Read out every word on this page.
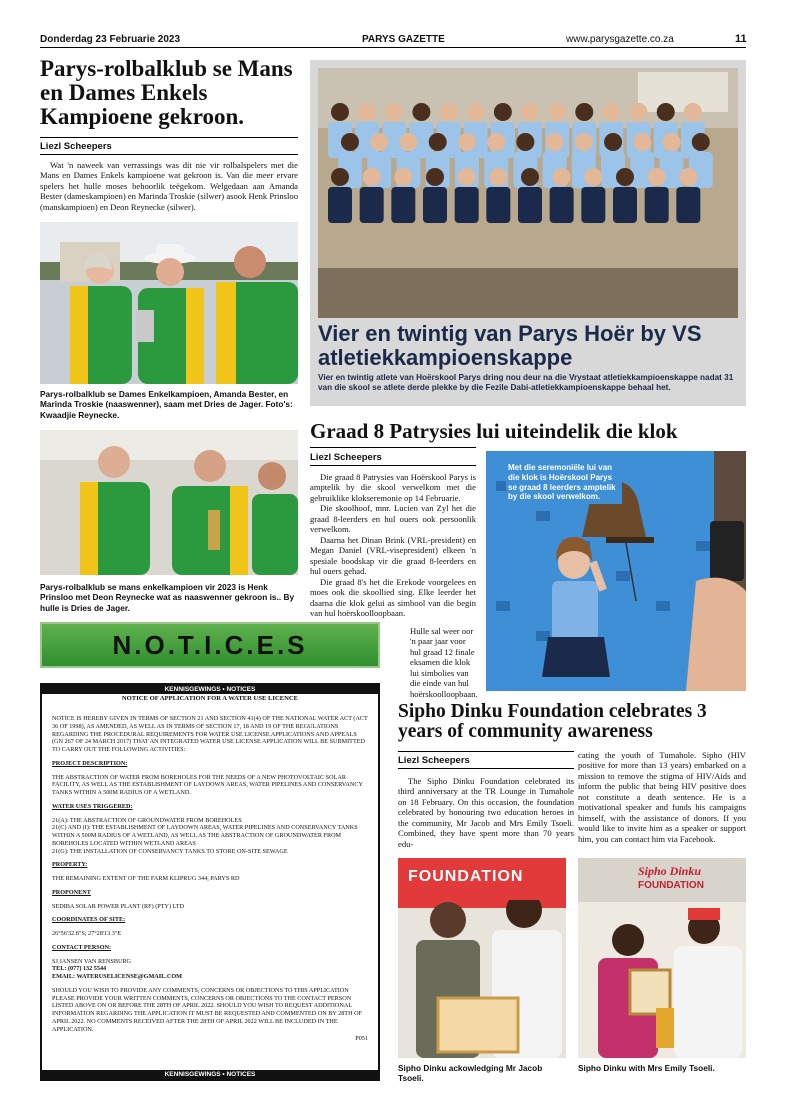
Donderdag 23 Februarie 2023	PARYS GAZETTE	www.parysgazette.co.za	11
Parys-rolbalklub se Mans en Dames Enkels Kampioene gekroon.
Liezl Scheepers
Wat 'n naweek van verrassings was dit nie vir rolbalspelers met die Mans en Dames Enkels kampioene wat gekroon is. Van die meer ervare spelers het hulle moses behoorlik teëgekom. Welgedaan aan Amanda Bester (dameskampioen) en Marinda Troskie (silwer) asook Henk Prinsloo (manskampioen) en Deon Reynecke (silwer).
Parys-rolbalklub se Dames Enkelkampioen, Amanda Bester, en Marinda Troskie (naaswenner), saam met Dries de Jager. Foto's: Kwaadjie Reynecke.
Parys-rolbalklub se mans enkelkampioen vir 2023 is Henk Prinsloo met Deon Reynecke wat as naaswenner gekroon is.. By hulle is Dries de Jager.
N.O.T.I.C.E.S
KENNISGEWINGS • NOTICES
NOTICE OF APPLICATION FOR A WATER USE LICENCE
NOTICE IS HEREBY GIVEN IN TERMS OF SECTION 21 AND SECTION 41(4) OF THE NATIONAL WATER ACT (ACT 36 OF 1998), AS AMENDED, AS WELL AS IN TERMS OF SECTION 17, 18 AND 19 OF THE REGULATIONS REGARDING THE PROCEDURAL REQUIREMENTS FOR WATER USE LICENSE APPLICATIONS AND APPEALS (GN 267 OF 24 MARCH 2017) THAT AN INTEGRATED WATER USE LICENSE APPLICATION WILL BE SUBMITTED TO CARRY OUT THE FOLLOWING ACTIVITIES:
PROJECT DESCRIPTION:
THE ABSTRACTION OF WATER FROM BOREHOLES FOR THE NEEDS OF A NEW PHOTOVOLTAIC SOLAR FACILITY, AS WELL AS THE ESTABLISHMENT OF LAYDOWN AREAS, WATER PIPELINES AND CONSERVANCY TANKS WITHIN A 500M RADIUS OF A WETLAND.
WATER USES TRIGGERED:
21(A): THE ABSTRACTION OF GROUNDWATER FROM BOREHOLES
21(C) AND (I): THE ESTABLISHMENT OF LAYDOWN AREAS, WATER PIPELINES AND CONSERVANCY TANKS WITHIN A 500M RADIUS OF A WETLAND, AS WELL AS THE ABSTRACTION OF GROUNDWATER FROM BOREHOLES LOCATED WITHIN WETLAND AREAS
21(G): THE INSTALLATION OF CONSERVANCY TANKS TO STORE ON-SITE SEWAGE
PROPERTY:
THE REMAINING EXTENT OF THE FARM KLIPRUG 344, PARYS RD
PROPONENT
SEDIBA SOLAR POWER PLANT (RF) (PTY) LTD
COORDINATES OF SITE:
26°56'32.8"S; 27°28'13.3"E
CONTACT PERSON:
SJ JANSEN VAN RENSBURG
TEL: (077) 132 5544
EMAIL: WATERUSELICENSE@GMAIL.COM
SHOULD YOU WISH TO PROVIDE ANY COMMENTS, CONCERNS OR OBJECTIONS TO THIS APPLICATION PLEASE PROVIDE YOUR WRITTEN COMMENTS, CONCERNS OR OBJECTIONS TO THE CONTACT PERSON LISTED ABOVE ON OR BEFORE THE 28TH OF APRIL 2022. SHOULD YOU WISH TO REQUEST ADDITIONAL INFORMATION REGARDING THE APPLICATION IT MUST BE REQUESTED AND COMMENTED ON BY 28TH OF APRIL 2022. NO COMMENTS RECEIVED AFTER THE 28TH OF APRIL 2022 WILL BE INCLUDED IN THE APPLICATION.
P051
KENNISGEWINGS • NOTICES
Vier en twintig van Parys Hoër by VS atletiekkampioenskappe
Vier en twintig atlete van Hoërskool Parys dring nou deur na die Vrystaat atletiekkampioenskappe nadat 31 van die skool se atlete derde plekke by die Fezile Dabi-atletiekkampioenskappe behaal het.
Graad 8 Patrysies lui uiteindelik die klok
Liezl Scheepers

Die graad 8 Patrysies van Hoërskool Parys is amptelik by die skool verwelkom met die gebruiklike klokseremonie op 14 Februarie.

Die skoolhoof, mnr. Lucien van Zyl het die graad 8-leerders en hul ouers ook persoonlik verwelkom.

Daarna het Dinan Brink (VRL-president) en Megan Daniel (VRL-visepresident) elkeen 'n spesiale boodskap vir die graad 8-leerders en hul ouers gehad.

Die graad 8's het die Erekode voorgelees en moes ook die skoollied sing. Elke leerder het daarna die klok gelui as simbool van die begin van hul hoërskoolloopbaan.

Hulle sal weer oor 'n paar jaar voor hul graad 12 finale eksamen die klok lui simbolies van die einde van hul hoërskoolloopbaan.
Met die seremoniële lui van die klok is Hoërskool Parys se graad 8 leerders amptelik by die skool verwelkom.
Sipho Dinku Foundation celebrates 3 years of community awareness
Liezl Scheepers
The Sipho Dinku Foundation celebrated its third anniversary at the TR Lounge in Tumahole on 18 February. On this occasion, the foundation celebrated by honouring two education heroes in the community, Mr Jacob and Mrs Emily Tsoeli. Combined, they have spent more than 70 years edu-
cating the youth of Tumahole. Sipho (HIV positive for more than 13 years) embarked on a mission to remove the stigma of HIV/Aids and inform the public that being HIV positive does not constitute a death sentence. He is a motivational speaker and funds his campaigns himself, with the assistance of donors. If you would like to invite him as a speaker or support him, you can contact him via Facebook.
FOUNDATION
Sipho Dinku ackowledging Mr Jacob Tsoeli.
Sipho Dinku
FOUNDATION
Sipho Dinku with Mrs Emily Tsoeli.
